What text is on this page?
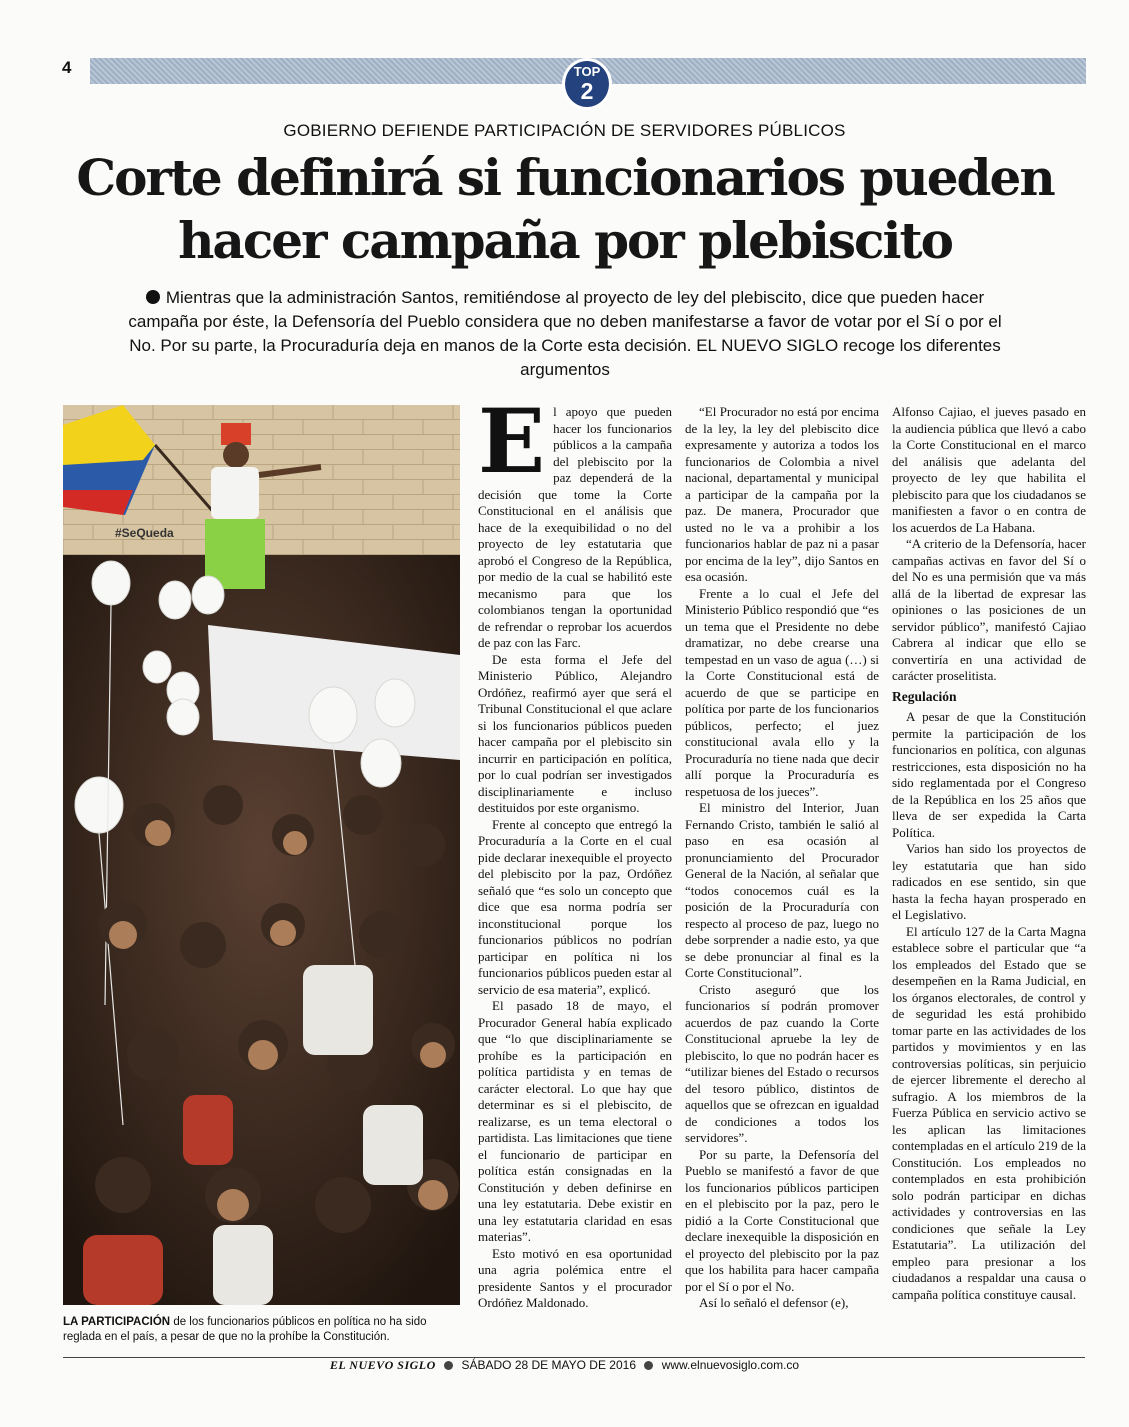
4	TOP
2
GOBIERNO DEFIENDE PARTICIPACIÓN DE SERVIDORES PÚBLICOS
Corte definirá si funcionarios pueden
hacer campaña por plebiscito
Mientras que la administración Santos, remitiéndose al proyecto de ley del plebiscito, dice que pueden hacer campaña por éste, la Defensoría del Pueblo considera que no deben manifestarse a favor de votar por el Sí o por el No. Por su parte, la Procuraduría deja en manos de la Corte esta decisión. EL NUEVO SIGLO recoge los diferentes argumentos
#SeQueda
LA PARTICIPACIÓN de los funcionarios públicos en política no ha sido reglada en el país, a pesar de que no la prohíbe la Constitución.

El apoyo que pueden hacer los funcionarios públicos a la campaña del plebiscito por la paz dependerá de la decisión que tome la Corte Constitucional en el análisis que hace de la exequibilidad o no del proyecto de ley estatutaria que aprobó el Congreso de la República, por medio de la cual se habilitó este mecanismo para que los colombianos tengan la oportunidad de refrendar o reprobar los acuerdos de paz con las Farc.

De esta forma el Jefe del Ministerio Público, Alejandro Ordóñez, reafirmó ayer que será el Tribunal Constitucional el que aclare si los funcionarios públicos pueden hacer campaña por el plebiscito sin incurrir en participación en política, por lo cual podrían ser investigados disciplinariamente e incluso destituidos por este organismo.

Frente al concepto que entregó la Procuraduría a la Corte en el cual pide declarar inexequible el proyecto del plebiscito por la paz, Ordóñez señaló que “es solo un concepto que dice que esa norma podría ser inconstitucional porque los funcionarios públicos no podrían participar en política ni los funcionarios públicos pueden estar al servicio de esa materia”, explicó.

El pasado 18 de mayo, el Procurador General había explicado que “lo que disciplinariamente se prohíbe es la participación en política partidista y en temas de carácter electoral. Lo que hay que determinar es si el plebiscito, de realizarse, es un tema electoral o partidista. Las limitaciones que tiene el funcionario de participar en política están consignadas en la Constitución y deben definirse en una ley estatutaria. Debe existir en una ley estatutaria claridad en esas materias”.

Esto motivó en esa oportunidad una agria polémica entre el presidente Santos y el procurador Ordóñez Maldonado.

“El Procurador no está por encima de la ley, la ley del plebiscito dice expresamente y autoriza a todos los funcionarios de Colombia a nivel nacional, departamental y municipal a participar de la campaña por la paz. De manera, Procurador que usted no le va a prohibir a los funcionarios hablar de paz ni a pasar por encima de la ley”, dijo Santos en esa ocasión.

Frente a lo cual el Jefe del Ministerio Público respondió que “es un tema que el Presidente no debe dramatizar, no debe crearse una tempestad en un vaso de agua (…) si la Corte Constitucional está de acuerdo de que se participe en política por parte de los funcionarios públicos, perfecto; el juez constitucional avala ello y la Procuraduría no tiene nada que decir allí porque la Procuraduría es respetuosa de los jueces”.

El ministro del Interior, Juan Fernando Cristo, también le salió al paso en esa ocasión al pronunciamiento del Procurador General de la Nación, al señalar que “todos conocemos cuál es la posición de la Procuraduría con respecto al proceso de paz, luego no debe sorprender a nadie esto, ya que se debe pronunciar al final es la Corte Constitucional”.

Cristo aseguró que los funcionarios sí podrán promover acuerdos de paz cuando la Corte Constitucional apruebe la ley de plebiscito, lo que no podrán hacer es “utilizar bienes del Estado o recursos del tesoro público, distintos de aquellos que se ofrezcan en igualdad de condiciones a todos los servidores”.

Por su parte, la Defensoría del Pueblo se manifestó a favor de que los funcionarios públicos participen en el plebiscito por la paz, pero le pidió a la Corte Constitucional que declare inexequible la disposición en el proyecto del plebiscito por la paz que los habilita para hacer campaña por el Sí o por el No.

Así lo señaló el defensor (e),

Alfonso Cajiao, el jueves pasado en la audiencia pública que llevó a cabo la Corte Constitucional en el marco del análisis que adelanta del proyecto de ley que habilita el plebiscito para que los ciudadanos se manifiesten a favor o en contra de los acuerdos de La Habana.

“A criterio de la Defensoría, hacer campañas activas en favor del Sí o del No es una permisión que va más allá de la libertad de expresar las opiniones o las posiciones de un servidor público”, manifestó Cajiao Cabrera al indicar que ello se convertiría en una actividad de carácter proselitista.

Regulación

A pesar de que la Constitución permite la participación de los funcionarios en política, con algunas restricciones, esta disposición no ha sido reglamentada por el Congreso de la República en los 25 años que lleva de ser expedida la Carta Política.

Varios han sido los proyectos de ley estatutaria que han sido radicados en ese sentido, sin que hasta la fecha hayan prosperado en el Legislativo.

El artículo 127 de la Carta Magna establece sobre el particular que “a los empleados del Estado que se desempeñen en la Rama Judicial, en los órganos electorales, de control y de seguridad les está prohibido tomar parte en las actividades de los partidos y movimientos y en las controversias políticas, sin perjuicio de ejercer libremente el derecho al sufragio. A los miembros de la Fuerza Pública en servicio activo se les aplican las limitaciones contempladas en el artículo 219 de la Constitución. Los empleados no contemplados en esta prohibición solo podrán participar en dichas actividades y controversias en las condiciones que señale la Ley Estatutaria”. La utilización del empleo para presionar a los ciudadanos a respaldar una causa o campaña política constituye causal.

EL NUEVO SIGLO SÁBADO 28 DE MAYO DE 2016 www.elnuevosiglo.com.co
